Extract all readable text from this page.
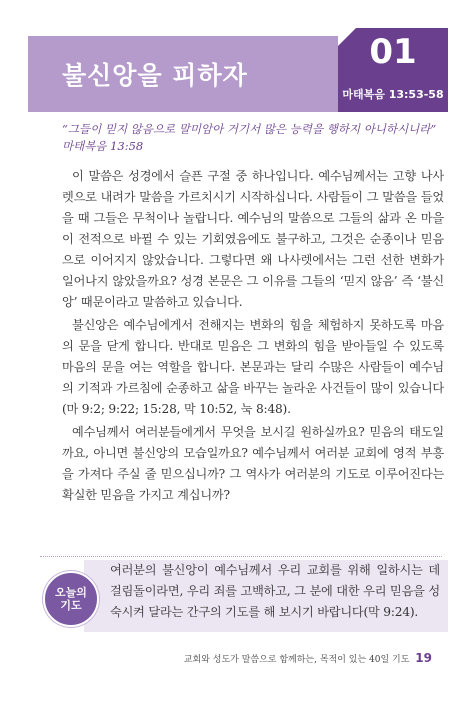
불신앙을 피하자
01
마태복음 13:53-58
“그들이 믿지 않음으로 말미암아 거기서 많은 능력을 행하지 아니하시니라”
마태복음 13:58

이 말씀은 성경에서 슬픈 구절 중 하나입니다. 예수님께서는 고향 나사렛으로 내려가 말씀을 가르치시기 시작하십니다. 사람들이 그 말씀을 들었을 때 그들은 무척이나 놀랍니다. 예수님의 말씀으로 그들의 삶과 온 마을이 전적으로 바뀔 수 있는 기회였음에도 불구하고, 그것은 순종이나 믿음으로 이어지지 않았습니다. 그렇다면 왜 나사렛에서는 그런 선한 변화가 일어나지 않았을까요? 성경 본문은 그 이유를 그들의 ‘믿지 않음’ 즉 ‘불신앙’ 때문이라고 말씀하고 있습니다.

불신앙은 예수님에게서 전해지는 변화의 힘을 체험하지 못하도록 마음의 문을 닫게 합니다. 반대로 믿음은 그 변화의 힘을 받아들일 수 있도록 마음의 문을 여는 역할을 합니다. 본문과는 달리 수많은 사람들이 예수님의 기적과 가르침에 순종하고 삶을 바꾸는 놀라운 사건들이 많이 있습니다(마 9:2; 9:22; 15:28, 막 10:52, 눅 8:48).

예수님께서 여러분들에게서 무엇을 보시길 원하실까요? 믿음의 태도일까요, 아니면 불신앙의 모습일까요? 예수님께서 여러분 교회에 영적 부흥을 가져다 주실 줄 믿으십니까? 그 역사가 여러분의 기도로 이루어진다는 확실한 믿음을 가지고 계십니까?

오늘의
기도
여러분의 불신앙이 예수님께서 우리 교회를 위해 일하시는 데 걸림돌이라면, 우리 죄를 고백하고, 그 분에 대한 우리 믿음을 성숙시켜 달라는 간구의 기도를 해 보시기 바랍니다(막 9:24).
교회와 성도가 말씀으로 함께하는, 목적이 있는 40일 기도 19
